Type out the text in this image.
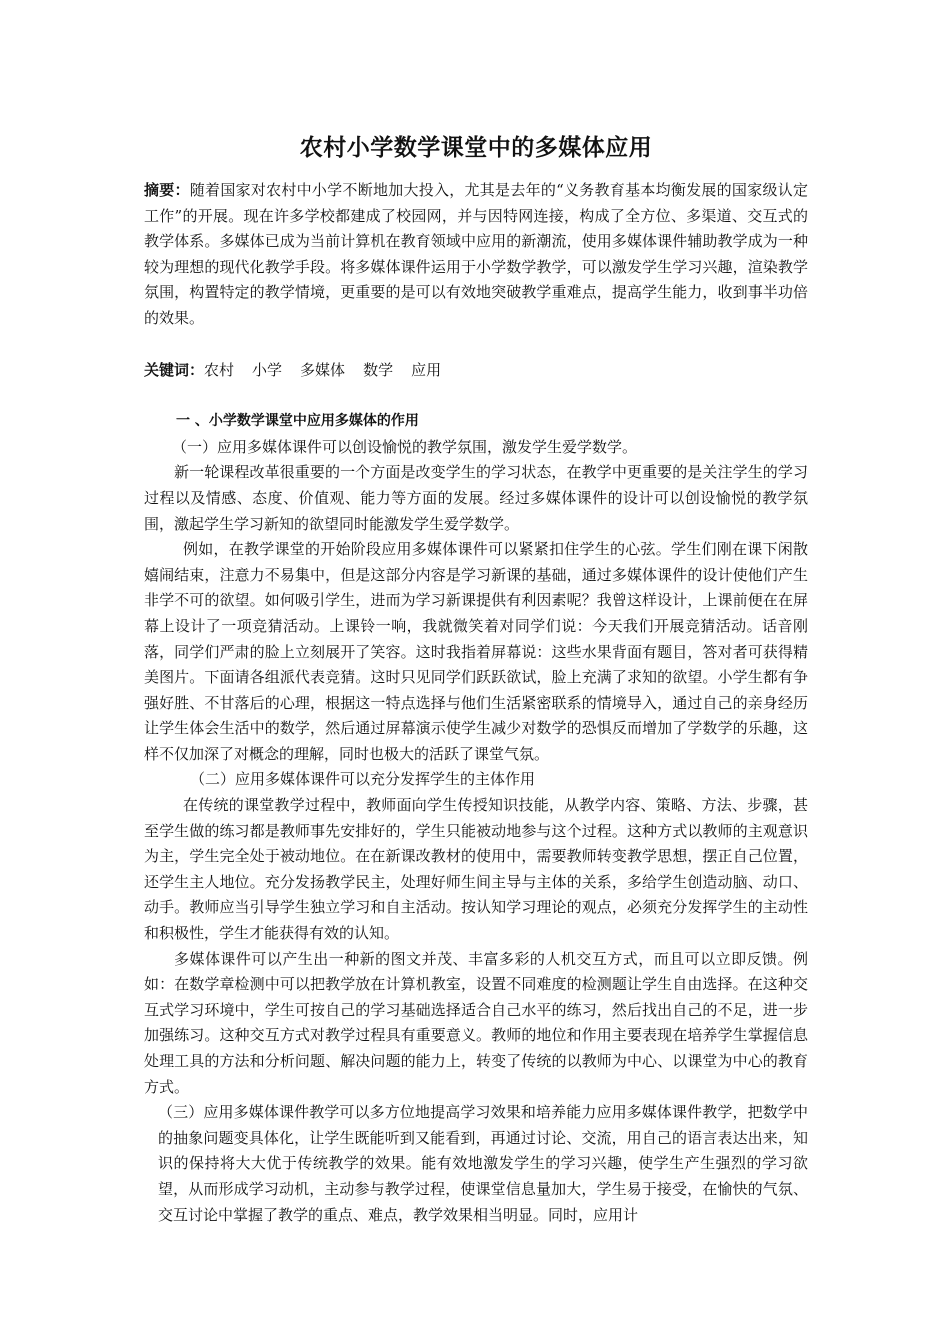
农村小学数学课堂中的多媒体应用

摘要：随着国家对农村中小学不断地加大投入，尤其是去年的“义务教育基本均衡发展的国家级认定工作”的开展。现在许多学校都建成了校园网，并与因特网连接，构成了全方位、多渠道、交互式的教学体系。多媒体已成为当前计算机在教育领域中应用的新潮流，使用多媒体课件辅助教学成为一种较为理想的现代化教学手段。将多媒体课件运用于小学数学教学，可以激发学生学习兴趣，渲染教学氛围，构置特定的教学情境，更重要的是可以有效地突破教学重难点，提高学生能力，收到事半功倍的效果。

关键词：农村 小学 多媒体 数学 应用

一 、小学数学课堂中应用多媒体的作用

（一）应用多媒体课件可以创设愉悦的教学氛围，激发学生爱学数学。

新一轮课程改革很重要的一个方面是改变学生的学习状态，在教学中更重要的是关注学生的学习过程以及情感、态度、价值观、能力等方面的发展。经过多媒体课件的设计可以创设愉悦的教学氛围，激起学生学习新知的欲望同时能激发学生爱学数学。

例如，在教学课堂的开始阶段应用多媒体课件可以紧紧扣住学生的心弦。学生们刚在课下闲散嬉闹结束，注意力不易集中，但是这部分内容是学习新课的基础，通过多媒体课件的设计使他们产生非学不可的欲望。如何吸引学生，进而为学习新课提供有利因素呢？我曾这样设计，上课前便在在屏幕上设计了一项竞猜活动。上课铃一响，我就微笑着对同学们说：今天我们开展竞猜活动。话音刚落，同学们严肃的脸上立刻展开了笑容。这时我指着屏幕说：这些水果背面有题目，答对者可获得精美图片。下面请各组派代表竞猜。这时只见同学们跃跃欲试，脸上充满了求知的欲望。小学生都有争强好胜、不甘落后的心理，根据这一特点选择与他们生活紧密联系的情境导入，通过自己的亲身经历让学生体会生活中的数学，然后通过屏幕演示使学生减少对数学的恐惧反而增加了学数学的乐趣，这样不仅加深了对概念的理解，同时也极大的活跃了课堂气氛。

（二）应用多媒体课件可以充分发挥学生的主体作用

在传统的课堂教学过程中，教师面向学生传授知识技能，从教学内容、策略、方法、步骤，甚至学生做的练习都是教师事先安排好的，学生只能被动地参与这个过程。这种方式以教师的主观意识为主，学生完全处于被动地位。在在新课改教材的使用中，需要教师转变教学思想，摆正自己位置，还学生主人地位。充分发扬教学民主，处理好师生间主导与主体的关系，多给学生创造动脑、动口、动手。教师应当引导学生独立学习和自主活动。按认知学习理论的观点，必须充分发挥学生的主动性和积极性，学生才能获得有效的认知。

多媒体课件可以产生出一种新的图文并茂、丰富多彩的人机交互方式，而且可以立即反馈。例如：在数学章检测中可以把教学放在计算机教室，设置不同难度的检测题让学生自由选择。在这种交互式学习环境中，学生可按自己的学习基础选择适合自己水平的练习，然后找出自己的不足，进一步加强练习。这种交互方式对教学过程具有重要意义。教师的地位和作用主要表现在培养学生掌握信息处理工具的方法和分析问题、解决问题的能力上，转变了传统的以教师为中心、以课堂为中心的教育方式。

（三）应用多媒体课件教学可以多方位地提高学习效果和培养能力应用多媒体课件教学，把数学中的抽象问题变具体化，让学生既能听到又能看到，再通过讨论、交流，用自己的语言表达出来，知识的保持将大大优于传统教学的效果。能有效地激发学生的学习兴趣，使学生产生强烈的学习欲望，从而形成学习动机，主动参与教学过程，使课堂信息量加大，学生易于接受，在愉快的气氛、交互讨论中掌握了教学的重点、难点，教学效果相当明显。同时，应用计
